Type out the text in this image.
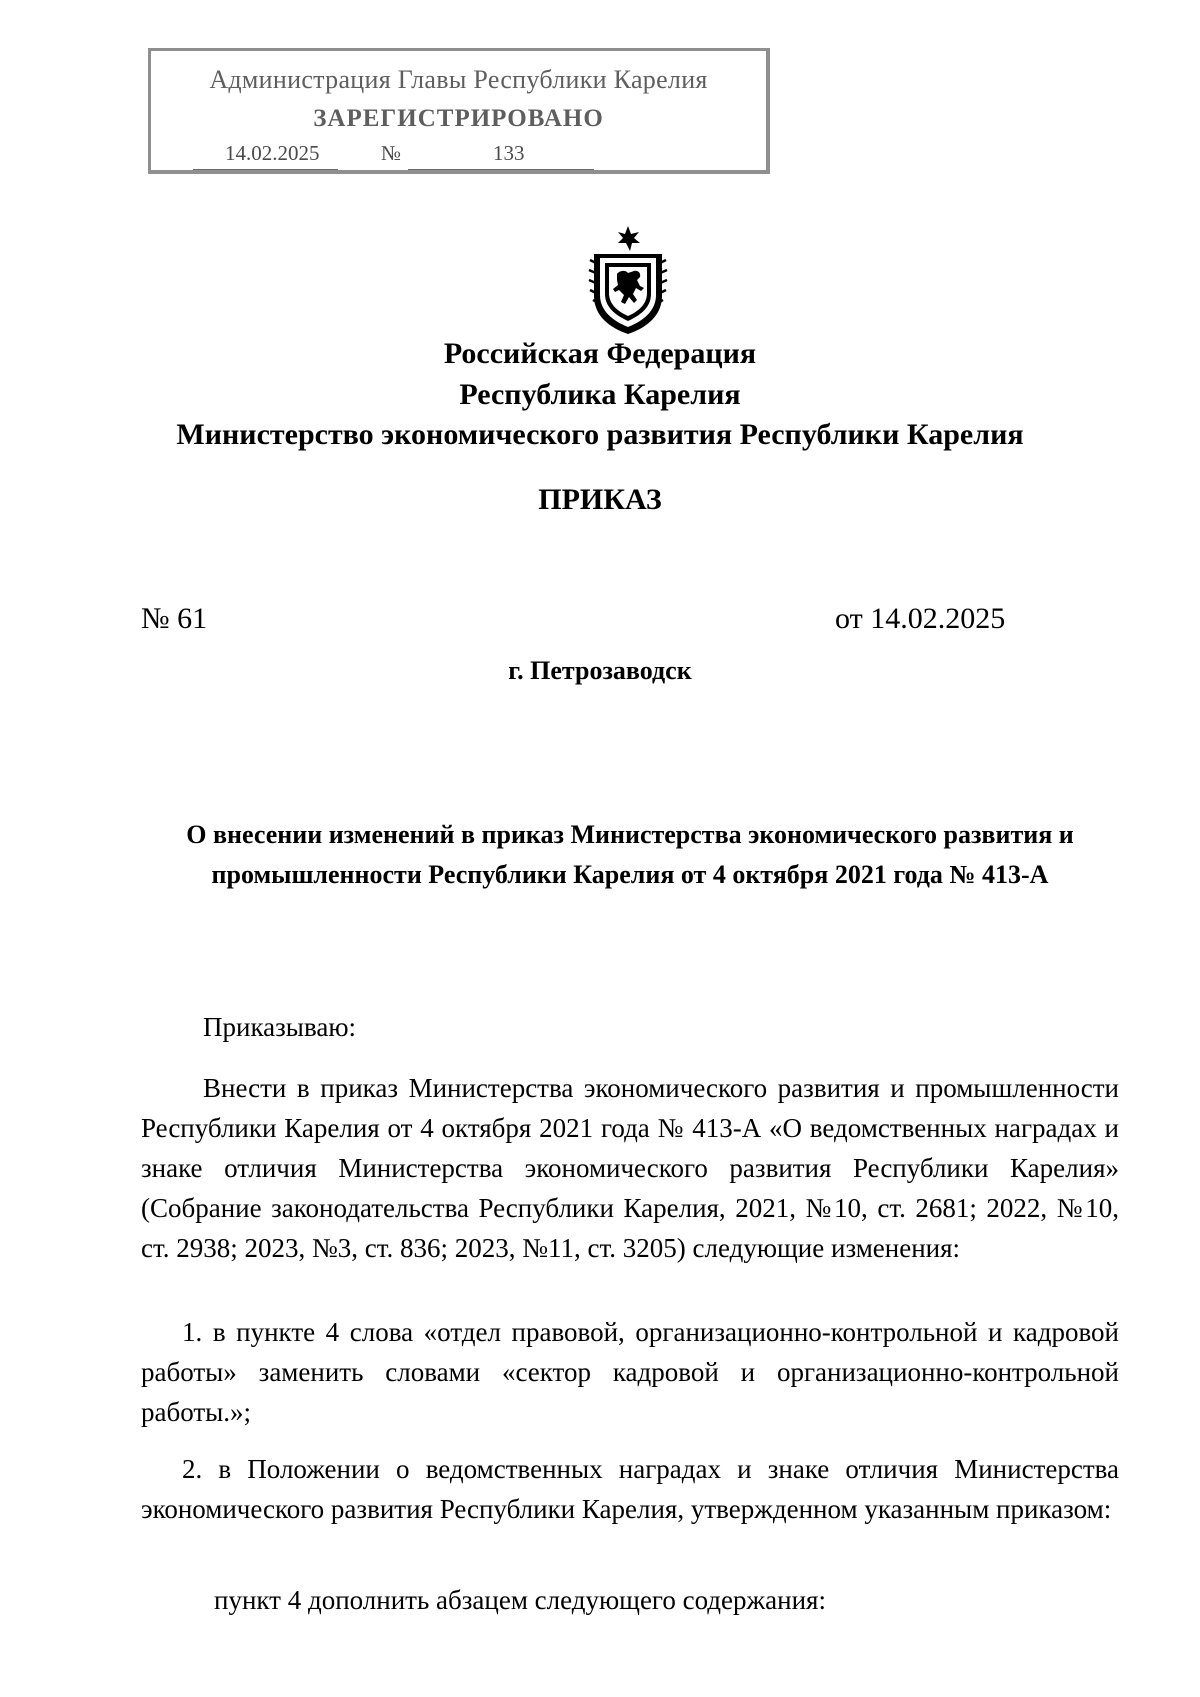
Администрация Главы Республики Карелия
ЗАРЕГИСТРИРОВАНО
14.02.2025	№	133
Российская Федерация
Республика Карелия
Министерство экономического развития Республики Карелия
ПРИКАЗ
№ 61	от 14.02.2025
г. Петрозаводск
О внесении изменений в приказ Министерства экономического развития и
промышленности Республики Карелия от 4 октября 2021 года № 413-А

Приказываю:

Внести в приказ Министерства экономического развития и промышленности Республики Карелия от 4 октября 2021 года № 413-А «О ведомственных наградах и знаке отличия Министерства экономического развития Республики Карелия» (Собрание законодательства Республики Карелия, 2021, №10, ст. 2681; 2022, №10, ст. 2938; 2023, №3, ст. 836; 2023, №11, ст. 3205) следующие изменения:

1. в пункте 4 слова «отдел правовой, организационно-контрольной и кадровой работы» заменить словами «сектор кадровой и организационно-контрольной работы.»;

2. в Положении о ведомственных наградах и знаке отличия Министерства экономического развития Республики Карелия, утвержденном указанным приказом:

пункт 4 дополнить абзацем следующего содержания:
